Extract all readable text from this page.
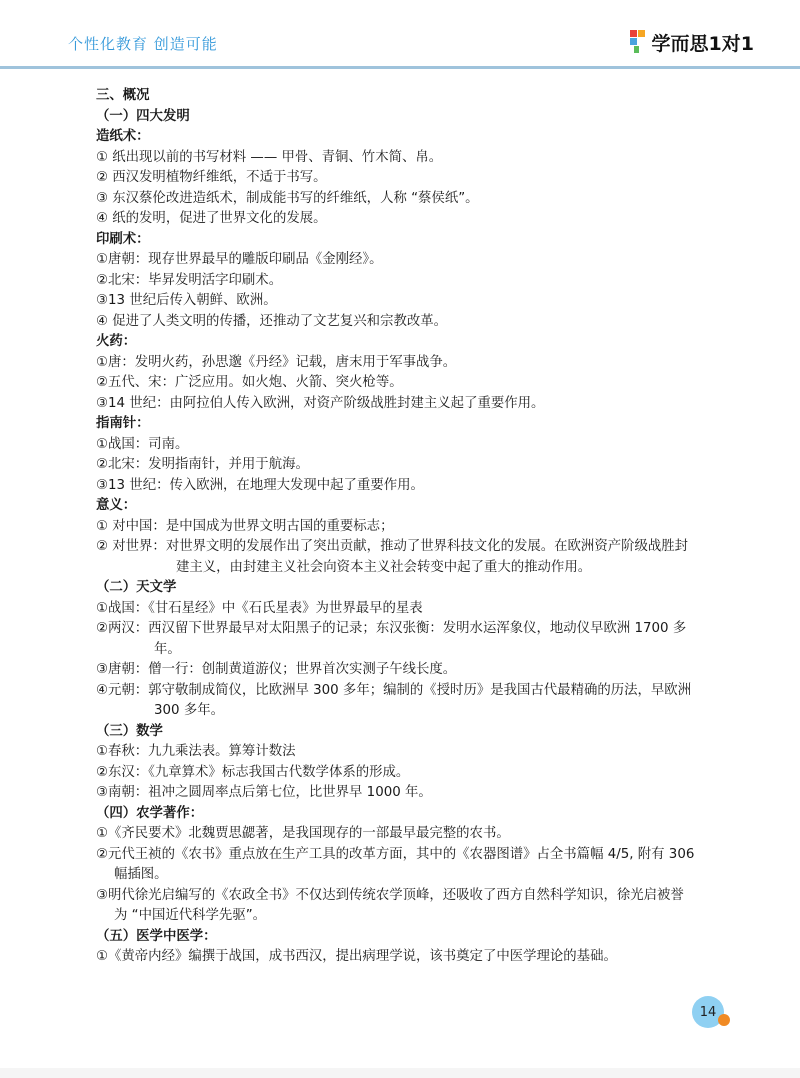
个性化教育 创造可能	学而思1对1
三、概况
（一）四大发明
造纸术：
① 纸出现以前的书写材料 —— 甲骨、青铜、竹木简、帛。
② 西汉发明植物纤维纸，不适于书写。
③ 东汉蔡伦改进造纸术，制成能书写的纤维纸，人称 “蔡侯纸”。
④ 纸的发明，促进了世界文化的发展。
印刷术：
①唐朝：现存世界最早的雕版印刷品《金刚经》。
②北宋：毕昇发明活字印刷术。
③13 世纪后传入朝鲜、欧洲。
④ 促进了人类文明的传播，还推动了文艺复兴和宗教改革。
火药：
①唐：发明火药，孙思邈《丹经》记载，唐末用于军事战争。
②五代、宋：广泛应用。如火炮、火箭、突火枪等。
③14 世纪：由阿拉伯人传入欧洲，对资产阶级战胜封建主义起了重要作用。
指南针：
①战国：司南。
②北宋：发明指南针，并用于航海。
③13 世纪：传入欧洲，在地理大发现中起了重要作用。
意义：
① 对中国：是中国成为世界文明古国的重要标志；
② 对世界：对世界文明的发展作出了突出贡献，推动了世界科技文化的发展。在欧洲资产阶级战胜封
建主义，由封建主义社会向资本主义社会转变中起了重大的推动作用。
（二）天文学
①战国：《甘石星经》中《石氏星表》为世界最早的星表
②两汉：西汉留下世界最早对太阳黑子的记录；东汉张衡：发明水运浑象仪，地动仪早欧洲 1700 多
年。
③唐朝：僧一行：创制黄道游仪；世界首次实测子午线长度。
④元朝：郭守敬制成简仪，比欧洲早 300 多年；编制的《授时历》是我国古代最精确的历法，早欧洲
300 多年。
（三）数学
①春秋：九九乘法表。算筹计数法
②东汉：《九章算术》标志我国古代数学体系的形成。
③南朝：祖冲之圆周率点后第七位，比世界早 1000 年。
（四）农学著作：
①《齐民要术》北魏贾思勰著，是我国现存的一部最早最完整的农书。
②元代王祯的《农书》重点放在生产工具的改革方面，其中的《农器图谱》占全书篇幅 4/5, 附有 306
幅插图。
③明代徐光启编写的《农政全书》不仅达到传统农学顶峰，还吸收了西方自然科学知识，徐光启被誉
为 “中国近代科学先驱”。
（五）医学中医学：
①《黄帝内经》编撰于战国，成书西汉，提出病理学说，该书奠定了中医学理论的基础。
14
